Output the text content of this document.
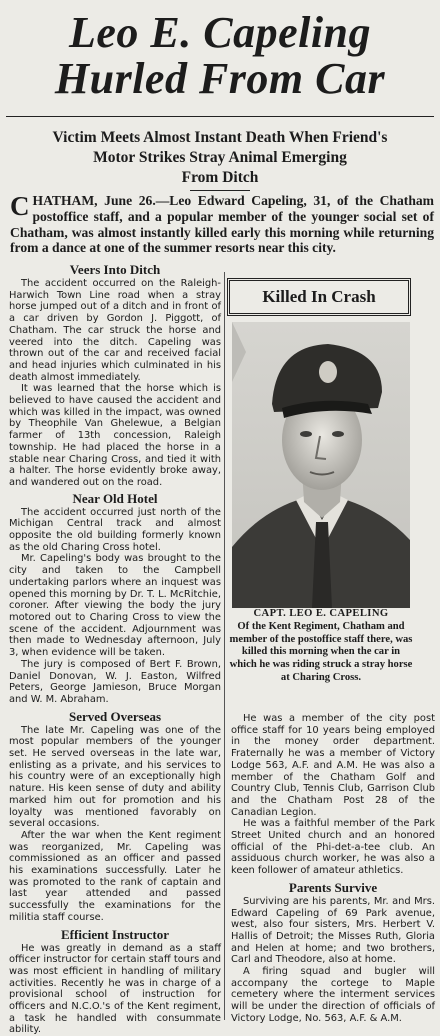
Leo E. Capeling
Hurled From Car

Victim Meets Almost Instant Death When Friend's

Motor Strikes Stray Animal Emerging

From Ditch

CHATHAM, June 26.—Leo Edward Capeling, 31, of the Chatham postoffice staff, and a popular member of the younger social set of Chatham, was almost instantly killed early this morning while returning from a dance at one of the summer resorts near this city.

Veers Into Ditch

The accident occurred on the Raleigh-Harwich Town Line road when a stray horse jumped out of a ditch and in front of a car driven by Gordon J. Piggott, of Chatham. The car struck the horse and veered into the ditch. Capeling was thrown out of the car and received facial and head injuries which culminated in his death almost immediately.

It was learned that the horse which is believed to have caused the accident and which was killed in the impact, was owned by Theophile Van Ghelewue, a Belgian farmer of 13th concession, Raleigh township. He had placed the horse in a stable near Charing Cross, and tied it with a halter. The horse evidently broke away, and wandered out on the road.

Near Old Hotel

The accident occurred just north of the Michigan Central track and almost opposite the old building formerly known as the old Charing Cross hotel.

Mr. Capeling's body was brought to the city and taken to the Campbell undertaking parlors where an inquest was opened this morning by Dr. T. L. McRitchie, coroner. After viewing the body the jury motored out to Charing Cross to view the scene of the accident. Adjournment was then made to Wednesday afternoon, July 3, when evidence will be taken.

The jury is composed of Bert F. Brown, Daniel Donovan, W. J. Easton, Wilfred Peters, George Jamieson, Bruce Morgan and W. M. Abraham.

Served Overseas

The late Mr. Capeling was one of the most popular members of the younger set. He served overseas in the late war, enlisting as a private, and his services to his country were of an exceptionally high nature. His keen sense of duty and ability marked him out for promotion and his loyalty was mentioned favorably on several occasions.

After the war when the Kent regiment was reorganized, Mr. Capeling was commissioned as an officer and passed his examinations successfully. Later he was promoted to the rank of captain and last year attended and passed successfully the examinations for the militia staff course.

Efficient Instructor

He was greatly in demand as a staff officer instructor for certain staff tours and was most efficient in handling of military activities. Recently he was in charge of a provisional school of instruction for officers and N.C.O.'s of the Kent regiment, a task he handled with consummate ability.

Killed In Crash

CAPT. LEO E. CAPELING
Of the Kent Regiment, Chatham and member of the postoffice staff there, was killed this morning when the car in which he was riding struck a stray horse at Charing Cross.

He was a member of the city post office staff for 10 years being employed in the money order department. Fraternally he was a member of Victory Lodge 563, A.F. and A.M. He was also a member of the Chatham Golf and Country Club, Tennis Club, Garrison Club and the Chatham Post 28 of the Canadian Legion.

He was a faithful member of the Park Street United church and an honored official of the Phi-det-a-tee club. An assiduous church worker, he was also a keen follower of amateur athletics.

Parents Survive

Surviving are his parents, Mr. and Mrs. Edward Capeling of 69 Park avenue, west, also four sisters, Mrs. Herbert V. Hallis of Detroit; the Misses Ruth, Gloria and Helen at home; and two brothers, Carl and Theodore, also at home.

A firing squad and bugler will accompany the cortege to Maple cemetery where the interment services will be under the direction of officials of Victory Lodge, No. 563, A.F. & A.M.
